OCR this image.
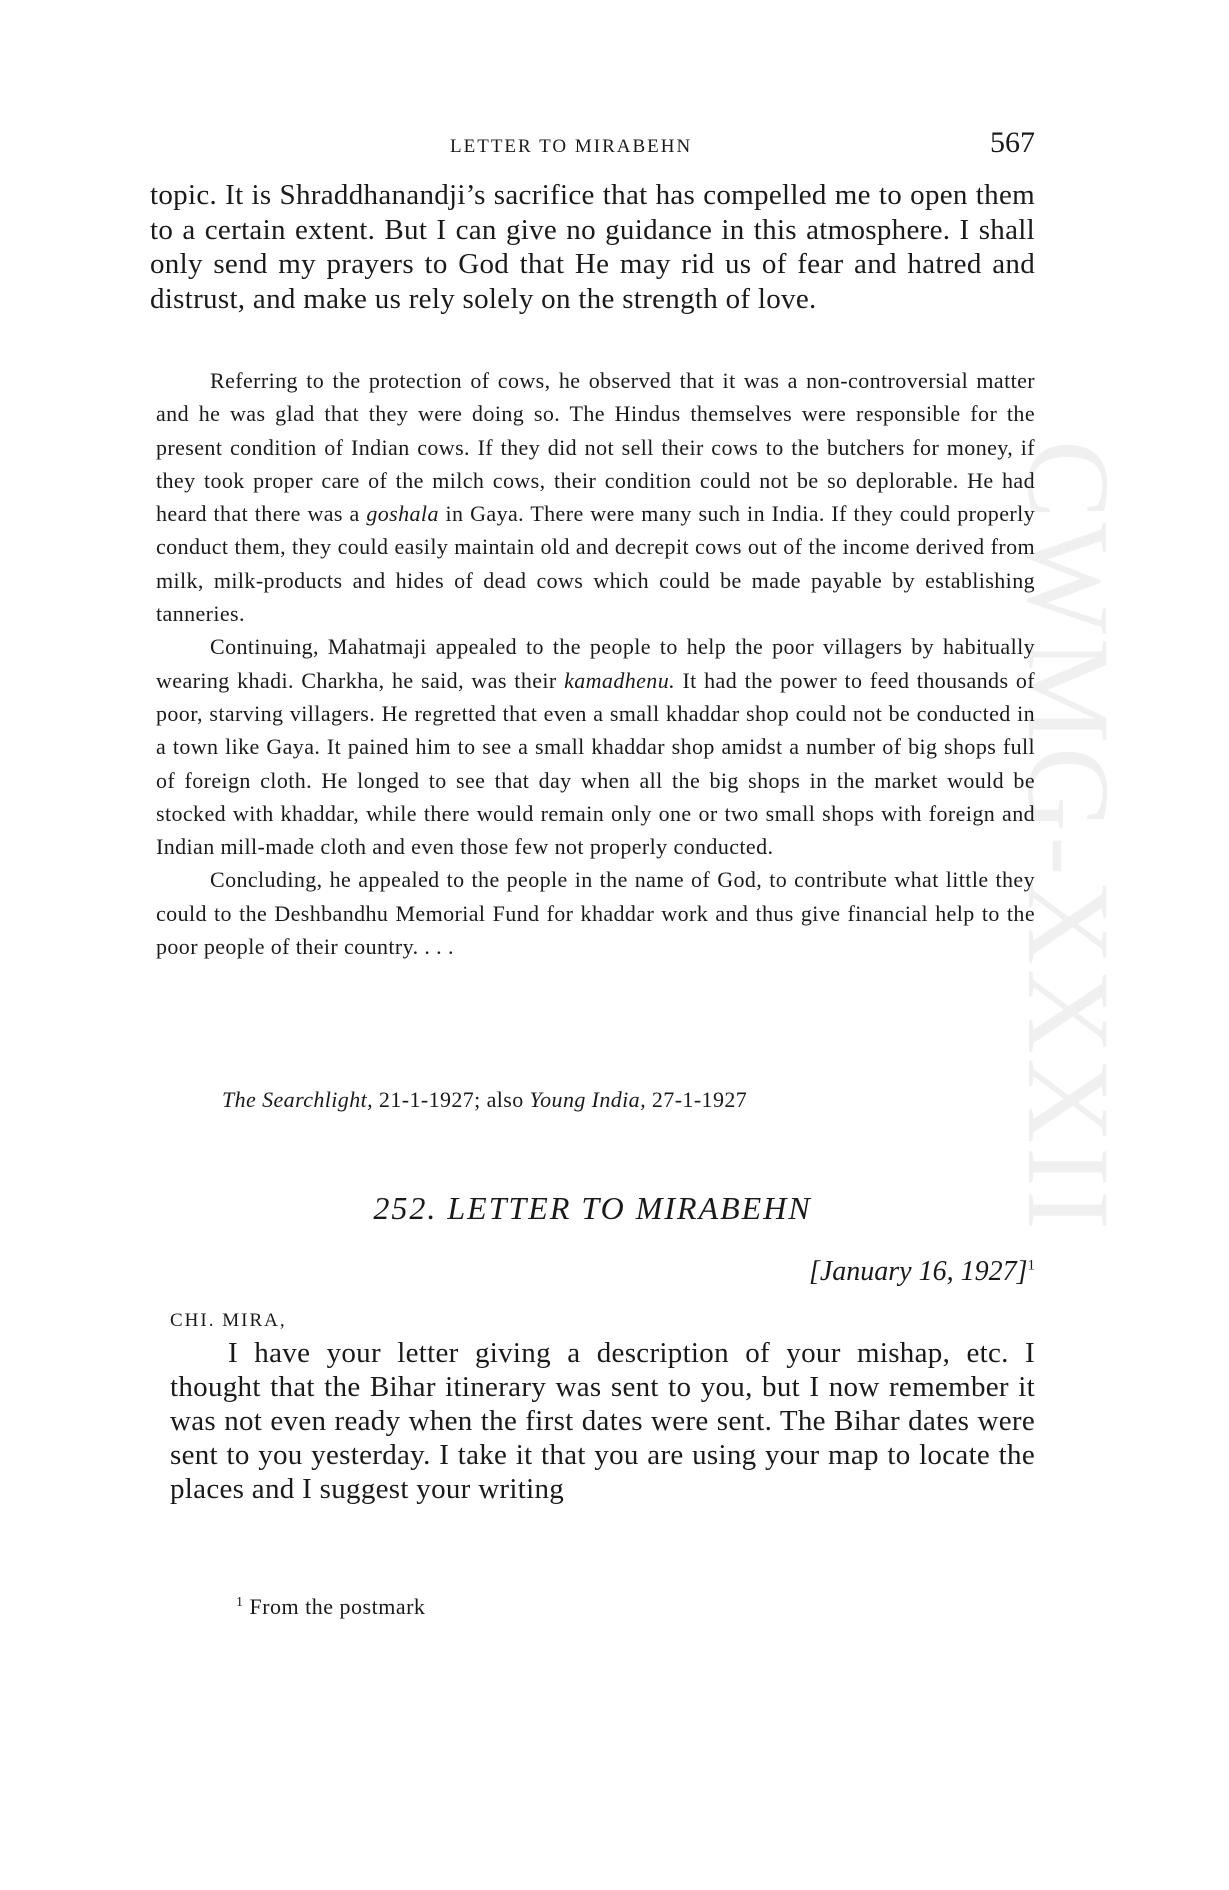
CWMG-XXXII
LETTER TO MIRABEHN	567

topic. It is Shraddhanandji’s sacrifice that has compelled me to open them to a certain extent. But I can give no guidance in this atmosphere. I shall only send my prayers to God that He may rid us of fear and hatred and distrust, and make us rely solely on the strength of love.

Referring to the protection of cows, he observed that it was a non-controversial matter and he was glad that they were doing so. The Hindus themselves were responsible for the present condition of Indian cows. If they did not sell their cows to the butchers for money, if they took proper care of the milch cows, their condition could not be so deplorable. He had heard that there was a goshala in Gaya. There were many such in India. If they could properly conduct them, they could easily maintain old and decrepit cows out of the income derived from milk, milk-products and hides of dead cows which could be made payable by establishing tanneries.

Continuing, Mahatmaji appealed to the people to help the poor villagers by habitually wearing khadi. Charkha, he said, was their kamadhenu. It had the power to feed thousands of poor, starving villagers. He regretted that even a small khaddar shop could not be conducted in a town like Gaya. It pained him to see a small khaddar shop amidst a number of big shops full of foreign cloth. He longed to see that day when all the big shops in the market would be stocked with khaddar, while there would remain only one or two small shops with foreign and Indian mill-made cloth and even those few not properly conducted.

Concluding, he appealed to the people in the name of God, to contribute what little they could to the Deshbandhu Memorial Fund for khaddar work and thus give financial help to the poor people of their country. . . .

The Searchlight, 21-1-1927; also Young India, 27-1-1927
252. LETTER TO MIRABEHN
[January 16, 1927]$^1$
CHI. MIRA,

I have your letter giving a description of your mishap, etc. I thought that the Bihar itinerary was sent to you, but I now remember it was not even ready when the first dates were sent. The Bihar dates were sent to you yesterday. I take it that you are using your map to locate the places and I suggest your writing

$^1$ From the postmark
